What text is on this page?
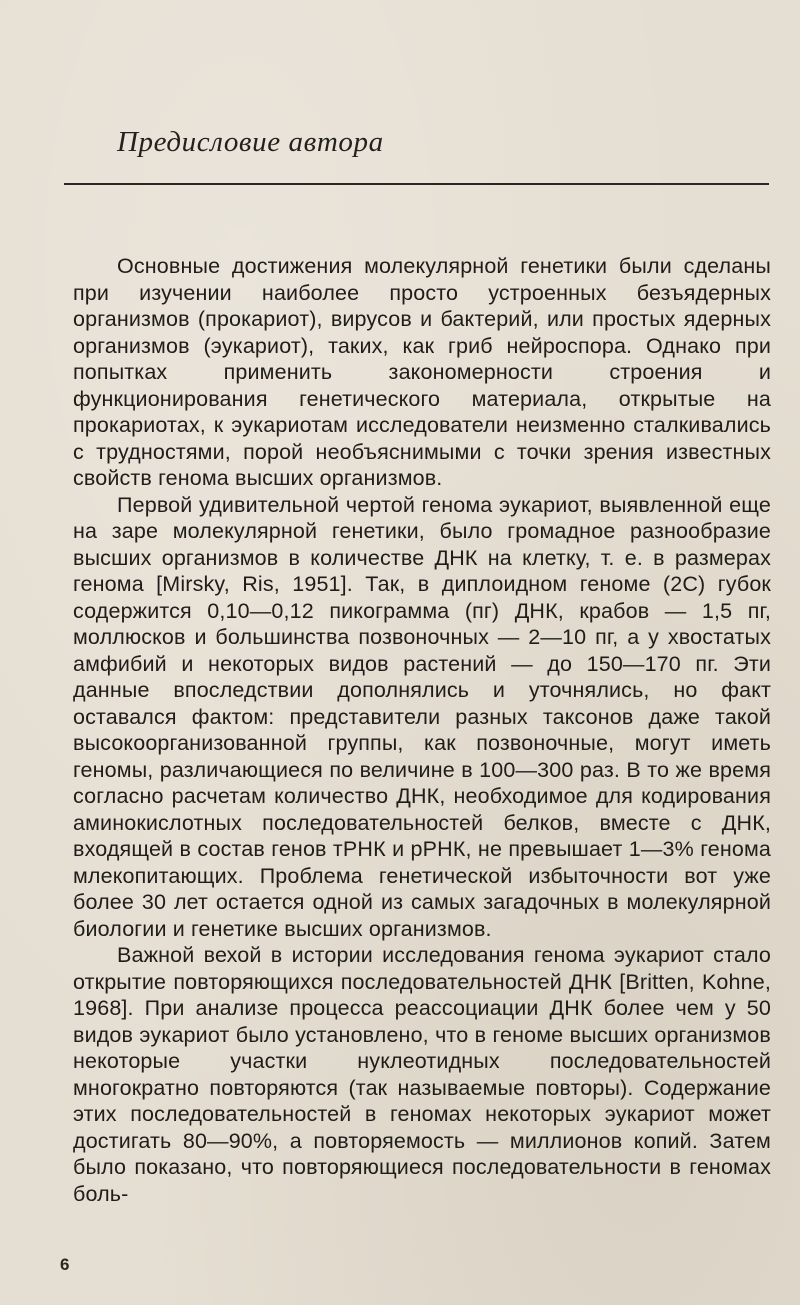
Предисловие автора

Основные достижения молекулярной генетики были сделаны при изучении наиболее просто устроенных безъядерных организмов (прокариот), вирусов и бактерий, или простых ядерных организмов (эукариот), таких, как гриб нейроспора. Однако при попытках применить закономерности строения и функционирования генетического материала, открытые на прокариотах, к эукариотам исследователи неизменно сталкивались с трудностями, порой необъяснимыми с точки зрения известных свойств генома высших организмов.

Первой удивительной чертой генома эукариот, выявленной еще на заре молекулярной генетики, было громадное разнообразие высших организмов в количестве ДНК на клетку, т. е. в размерах генома [Mirsky, Ris, 1951]. Так, в диплоидном геноме (2С) губок содержится 0,10—0,12 пикограмма (пг) ДНК, крабов — 1,5 пг, моллюсков и большинства позвоночных — 2—10 пг, а у хвостатых амфибий и некоторых видов растений — до 150—170 пг. Эти данные впоследствии дополнялись и уточнялись, но факт оставался фактом: представители разных таксонов даже такой высокоорганизованной группы, как позвоночные, могут иметь геномы, различающиеся по величине в 100—300 раз. В то же время согласно расчетам количество ДНК, необходимое для кодирования аминокислотных последовательностей белков, вместе с ДНК, входящей в состав генов тРНК и рРНК, не превышает 1—3% генома млекопитающих. Проблема генетической избыточности вот уже более 30 лет остается одной из самых загадочных в молекулярной биологии и генетике высших организмов.

Важной вехой в истории исследования генома эукариот стало открытие повторяющихся последовательностей ДНК [Britten, Kohne, 1968]. При анализе процесса реассоциации ДНК более чем у 50 видов эукариот было установлено, что в геноме высших организмов некоторые участки нуклеотидных последовательностей многократно повторяются (так называемые повторы). Содержание этих последовательностей в геномах некоторых эукариот может достигать 80—90%, а повторяемость — миллионов копий. Затем было показано, что повторяющиеся последовательности в геномах боль-

6
